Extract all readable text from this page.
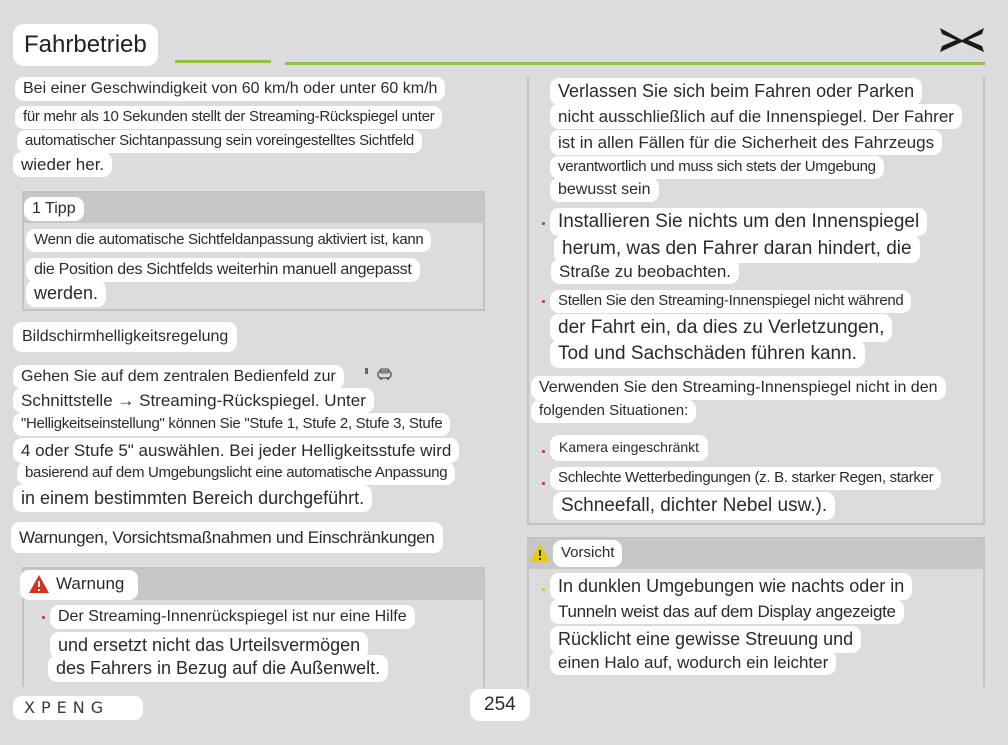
Fahrbetrieb
Bei einer Geschwindigkeit von 60 km/h oder unter 60 km/h
für mehr als 10 Sekunden stellt der Streaming-Rückspiegel unter
automatischer Sichtanpassung sein voreingestelltes Sichtfeld
wieder her.
1 Tipp
Wenn die automatische Sichtfeldanpassung aktiviert ist, kann
die Position des Sichtfelds weiterhin manuell angepasst
werden.
Bildschirmhelligkeitsregelung
Gehen Sie auf dem zentralen Bedienfeld zur
Schnittstelle → Streaming-Rückspiegel. Unter
"Helligkeitseinstellung" können Sie "Stufe 1, Stufe 2, Stufe 3, Stufe
4 oder Stufe 5" auswählen. Bei jeder Helligkeitsstufe wird
basierend auf dem Umgebungslicht eine automatische Anpassung
in einem bestimmten Bereich durchgeführt.
Warnungen, Vorsichtsmaßnahmen und Einschränkungen
Warnung
Der Streaming-Innenrückspiegel ist nur eine Hilfe
und ersetzt nicht das Urteilsvermögen
des Fahrers in Bezug auf die Außenwelt.
Verlassen Sie sich beim Fahren oder Parken
nicht ausschließlich auf die Innenspiegel. Der Fahrer
ist in allen Fällen für die Sicherheit des Fahrzeugs
verantwortlich und muss sich stets der Umgebung
bewusst sein
Installieren Sie nichts um den Innenspiegel
herum, was den Fahrer daran hindert, die
Straße zu beobachten.
Stellen Sie den Streaming-Innenspiegel nicht während
der Fahrt ein, da dies zu Verletzungen,
Tod und Sachschäden führen kann.
Verwenden Sie den Streaming-Innenspiegel nicht in den
folgenden Situationen:
Kamera eingeschränkt
Schlechte Wetterbedingungen (z. B. starker Regen, starker
Schneefall, dichter Nebel usw.).
Vorsicht
In dunklen Umgebungen wie nachts oder in
Tunneln weist das auf dem Display angezeigte
Rücklicht eine gewisse Streuung und
einen Halo auf, wodurch ein leichter
XPENG	254
